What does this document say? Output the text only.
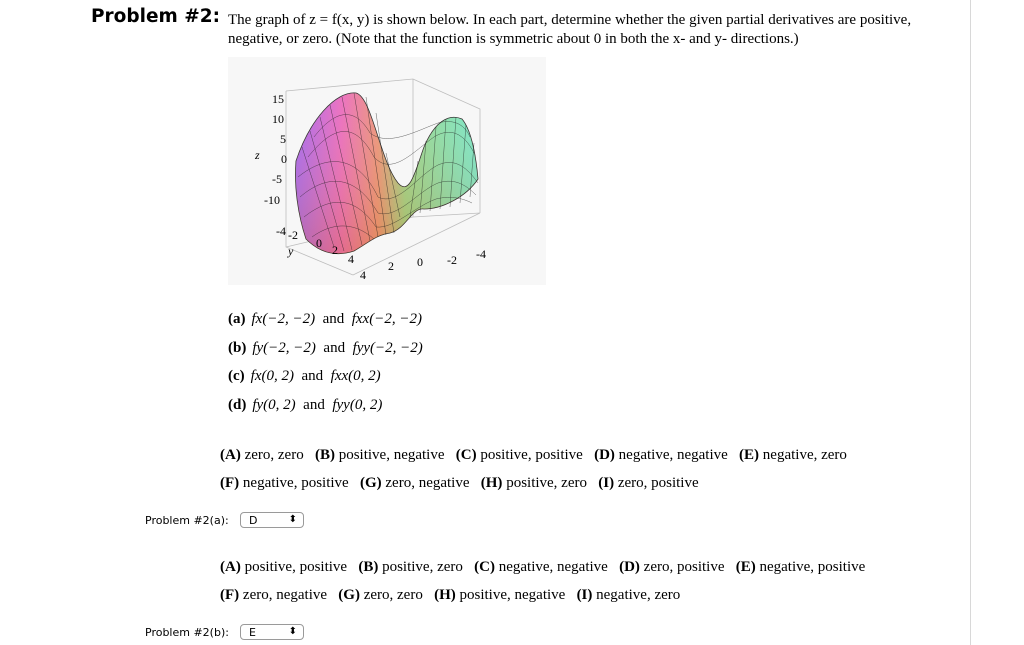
Problem #2: The graph of z = f(x, y) is shown below. In each part, determine whether the given partial derivatives are positive,
negative, or zero. (Note that the function is symmetric about 0 in both the x- and y- directions.)
z
15
10
5
0
-5
-10
y
-4 -2
0 2
4
4
2 0 -2 -4
(a) fx(−2, −2) and fxx(−2, −2)
(b) fy(−2, −2) and fyy(−2, −2)
(c) fx(0, 2) and fxx(0, 2)
(d) fy(0, 2) and fyy(0, 2)
(A) zero, zero (B) positive, negative (C) positive, positive (D) negative, negative (E) negative, zero
(F) negative, positive (G) zero, negative (H) positive, zero (I) zero, positive
Problem #2(a): D	⬍
(A) positive, positive (B) positive, zero (C) negative, negative (D) zero, positive (E) negative, positive
(F) zero, negative (G) zero, zero (H) positive, negative (I) negative, zero
Problem #2(b): E	⬍
